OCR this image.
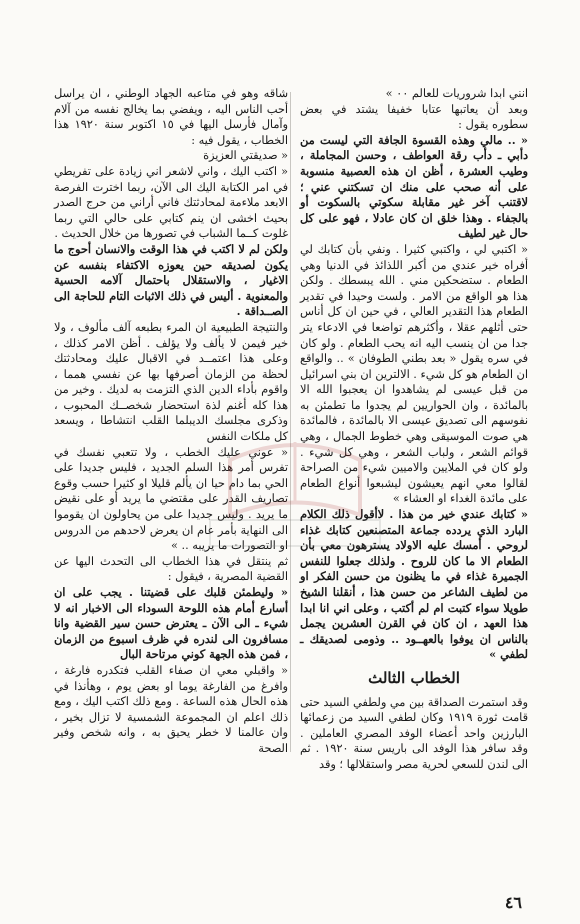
انني ابدا شروريات للعالم ٠٠ »

وبعد أن يعاتبها عتابا خفيفا يشتد في بعض سطوره يقول :

« .. مالي وهذه القسوة الجافة التي ليست من دأبي ـ دأب رقة العواطف ، وحسن المجاملة ، وطيب العشرة ، أظن ان هذه العصبية منسوبة على أنه صحب على منك ان تسكتني عني ؛ لاقتنب آخر غير مقابلة سكوتي بالسكوت أو بالجفاء . وهذا خلق ان كان عادلا ، فهو على كل حال غير لطيف

« اكتبي لي ، واكتبي كثيرا . ونفي بأن كتابك لي أفراه خير عندي من أكبر اللذائذ في الدنيا وهي الطعام . ستضحكين مني . الله يبسطك . ولكن هذا هو الواقع من الامر . ولست وحيدا في تقدير الطعام هذا التقدير العالي ، في حين ان كل أناس حتى أثلهم عقلا ، وأكثرهم تواضعا في الادعاء يتر جدا من ان ينسب اليه انه يحب الطعام . ولو كان في سره يقول « بعد بطني الطوفان » .. والواقع ان الطعام هو كل شيء . الالترين ان بني اسرائيل من قبل عيسى لم يشاهدوا ان يعجبوا الله الا بالمائدة ، وان الحواريين لم يجدوا ما تطمئن به نفوسهم الى تصديق عيسى الا بالمائدة ، فالمائدة هي صوت الموسيقى وهي خطوط الجمال ، وهي قوائم الشعر ، ولباب الشعر ، وهي كل شيء . ولو كان في الملايين والاميين شيء من الصراحة لقالوا معي انهم يعيشون ليشبعوا أنواع الطعام على مائدة الغداء او العشاء »

« كتابك عندي خير من هذا . لاأقول ذلك الكلام البارد الذي يردده جماعة المتصنعين كتابك غذاء لروحي . أمسك عليه الاولاد يسترهون معي بأن الطعام الا ما كان للروح . ولذلك جعلوا للنفس الجميرة غذاء في ما يظنون من حسن الفكر او من لطيف الشاعر من حسن هذا ، أنقلنا الشيخ طويلا سواء كتبت ام لم أكتب ، وعلى اني انا ابدا هذا العهد ، ان كان في القرن العشرين يجمل بالناس ان يوفوا بالعهــود .. وذومى لصديقك ـ لطفي »

الخطاب الثالث

وقد استمرت الصداقة بين مي ولطفي السيد حتى قامت ثورة ١٩١٩ وكان لطفي السيد من زعمائها البارزين واحد أعضاء الوفد المصري العاملين . وقد سافر هذا الوفد الى باريس سنة ١٩٢٠ . ثم الى لندن للسعي لحرية مصر واستقلالها ؛ وقد

شاقه وهو في متاعبه الجهاد الوطني ، ان يراسل أحب الناس اليه ، ويفضي بما يخالج نفسه من آلام وآمال فأرسل اليها في ١٥ اكتوبر سنة ١٩٢٠ هذا الخطاب ، يقول فيه :

« صديقتي العزيزة

« اكتب اليك ، واني لاشعر اني زيادة على تفريطي في امر الكتابة اليك الى الآن، ربما اخترت الفرصة الابعد ملاءمة لمحادثتك فاني أراني من حرج الصدر بحيث اخشى ان ينم كتابي على حالي التي ربما غلوت كــما الشباب في تصورها من خلال الحديث .

ولكن لم لا اكتب في هذا الوقت والانسان أحوج ما يكون لصديقه حين يعوزه الاكتفاء بنفسه عن الاغيار ، والاستقلال باحتمال آلامه الحسية والمعنوية . أليس في ذلك الاثبات التام للحاجة الى الصــداقة .

والنتيجة الطبيعية ان المرء بطبعه آلف مألوف ، ولا خير فيمن لا يألف ولا يؤلف . أظن الامر كذلك ، وعلى هذا اعتمــد في الاقبال عليك ومحادثتك لحظة من الزمان أصرفها بها عن نفسي همما ، واقوم بأداء الدين الذي التزمت به لديك . وخير من هذا كله أغنم لذة استحضار شخصــك المحبوب ، وذكرى مجلسك الديبلما القلب انتشاطا ، ويسعد كل ملكات النفس

« عوني عليك الخطب ، ولا تتعبي نفسك في تفرس أمر هذا السلم الجديد ، فليس جديدا على الحي بما دام حيا ان يألم قليلا او كثيرا حسب وقوع تصاريف القدر على مقتضي ما يريد أو على نقيض ما يريد . وليس جديدا على من يحاولون ان يقوموا الى النهاية بأمر عام ان يعرض لاحدهم من الدروس او التصورات ما يريبه .. »

ثم ينتقل في هذا الخطاب الى التحدث اليها عن القضية المصرية ، فيقول :

« وليطمئن قلبك على قضيتنا . يجب على ان أسارع أمام هذه اللوحة السوداء الى الاخبار انه لا شيء ـ الى الآن ـ يعترض حسن سير القضية وانا مسافرون الى لندره في ظرف اسبوع من الزمان ، فمن هذه الجهة كوني مرتاحة البال

« واقبلي معي ان صفاء القلب فتكدره فارغة ، وافرغ من الفارغة يوما او بعض يوم ، وهأنذا في هذه الحال هذه الساعة . ومع ذلك اكتب اليك ، ومع ذلك اعلم ان المجموعة الشمسية لا تزال بخير ، وان عالمنا لا خطر يحيق به ، وانه شخص وفير الصحة

٤٦
